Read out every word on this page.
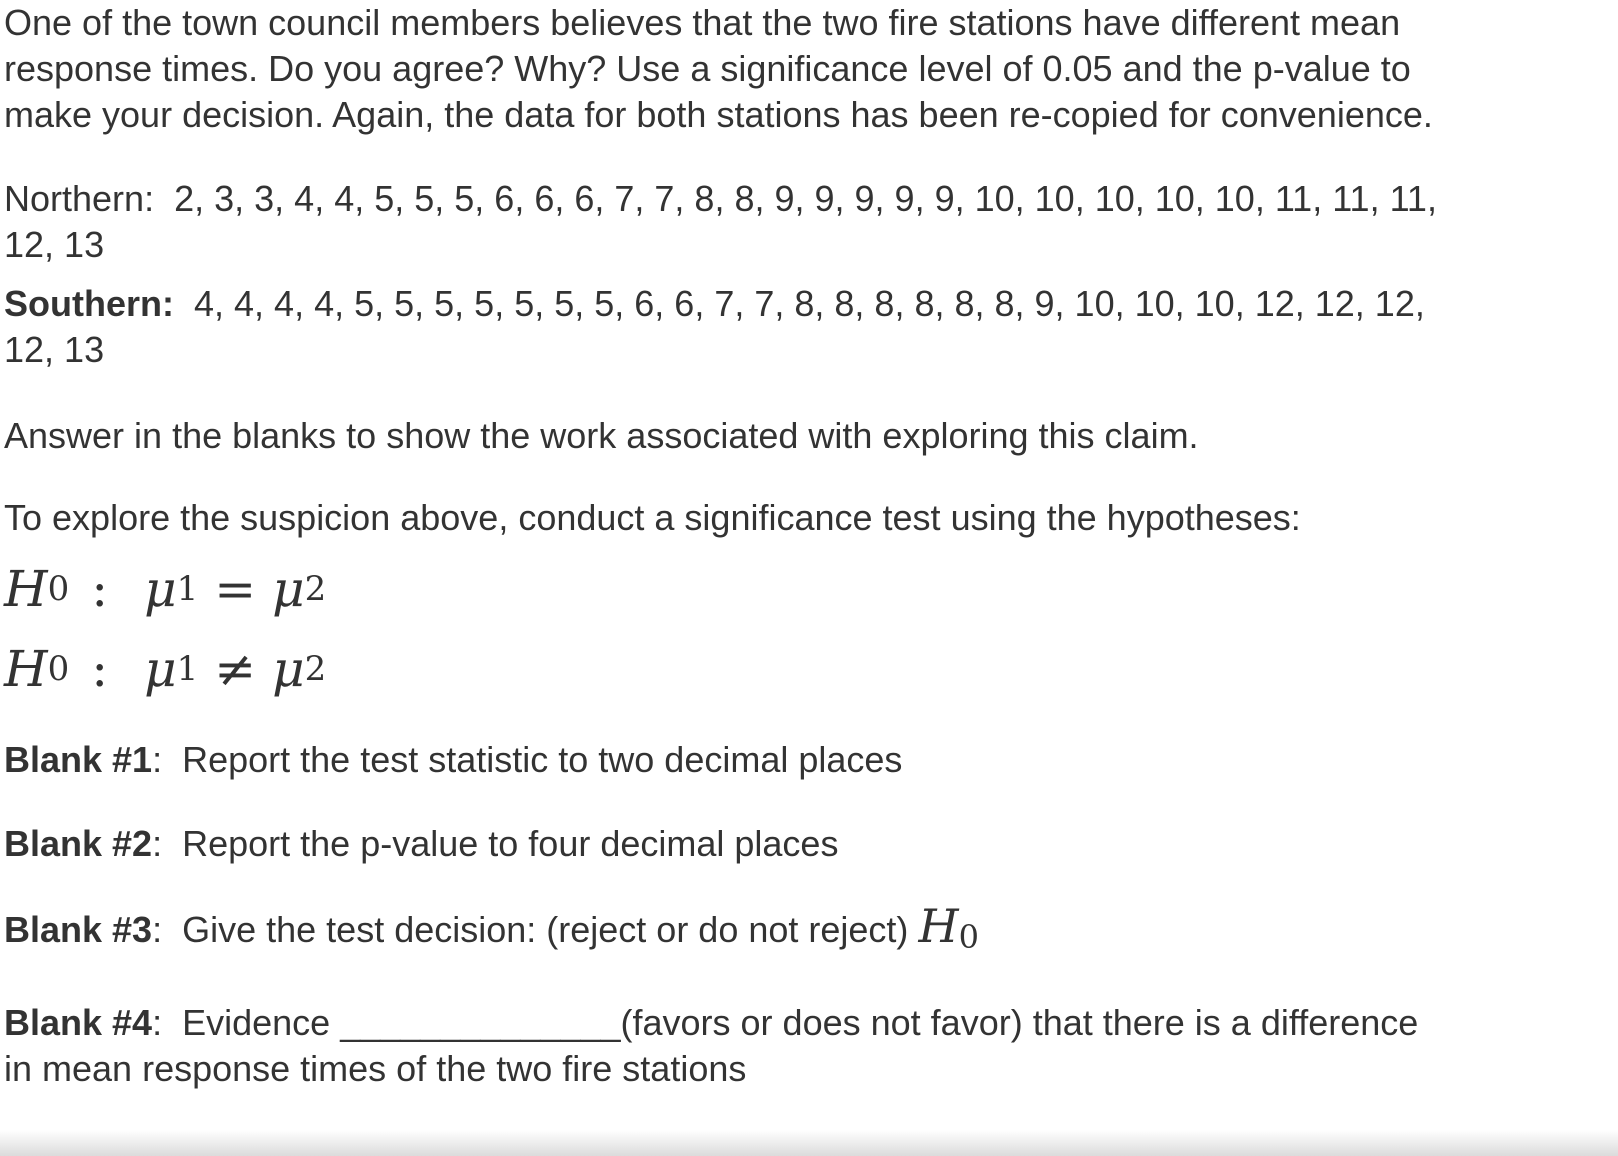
One of the town council members believes that the two fire stations have different mean response times. Do you agree? Why? Use a significance level of 0.05 and the p-value to make your decision. Again, the data for both stations has been re-copied for convenience.

Northern: 2, 3, 3, 4, 4, 5, 5, 5, 6, 6, 6, 7, 7, 8, 8, 9, 9, 9, 9, 9, 10, 10, 10, 10, 10, 11, 11, 11, 12, 13

Southern: 4, 4, 4, 4, 5, 5, 5, 5, 5, 5, 5, 6, 6, 7, 7, 8, 8, 8, 8, 8, 8, 9, 10, 10, 10, 12, 12, 12, 12, 13

Answer in the blanks to show the work associated with exploring this claim.

To explore the suspicion above, conduct a significance test using the hypotheses:

H 0 : μ 1 = μ 2
H 0 : μ 1 ≠ μ 2

Blank #1:  Report the test statistic to two decimal places

Blank #2:  Report the p-value to four decimal places

Blank #3:  Give the test decision: (reject or do not reject) H0

Blank #4:  Evidence ______________(favors or does not favor) that there is a difference in mean response times of the two fire stations
